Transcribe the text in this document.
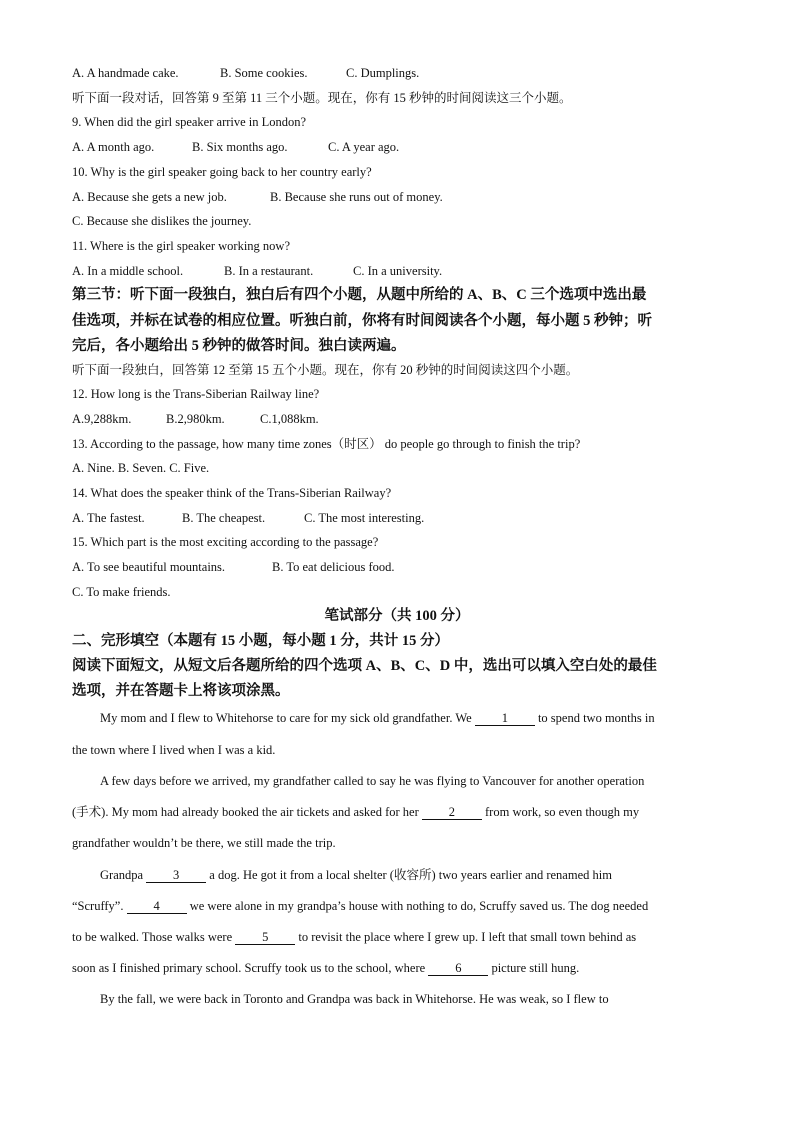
A. A handmade cake.	B. Some cookies.	C. Dumplings.
听下面一段对话，回答第 9 至第 11 三个小题。现在，你有 15 秒钟的时间阅读这三个小题。
9. When did the girl speaker arrive in London?
A. A month ago.	B. Six months ago.	C. A year ago.
10. Why is the girl speaker going back to her country early?
A. Because she gets a new job.	B. Because she runs out of money.
C. Because she dislikes the journey.
11. Where is the girl speaker working now?
A. In a middle school.	B. In a restaurant.	C. In a university.
第三节：听下面一段独白，独白后有四个小题，从题中所给的 A、B、C 三个选项中选出最
佳选项，并标在试卷的相应位置。听独白前，你将有时间阅读各个小题，每小题 5 秒钟；听
完后，各小题给出 5 秒钟的做答时间。独白读两遍。
听下面一段独白，回答第 12 至第 15 五个小题。现在，你有 20 秒钟的时间阅读这四个小题。
12. How long is the Trans-Siberian Railway line?
A.9,288km.	B.2,980km.	C.1,088km.
13. According to the passage, how many time zones（时区） do people go through to finish the trip?
A. Nine. B. Seven. C. Five.
14. What does the speaker think of the Trans-Siberian Railway?
A. The fastest.	B. The cheapest.	C. The most interesting.
15. Which part is the most exciting according to the passage?
A. To see beautiful mountains.	B. To eat delicious food.
C. To make friends.
笔试部分（共 100 分）
二、完形填空（本题有 15 小题，每小题 1 分，共计 15 分）
阅读下面短文，从短文后各题所给的四个选项 A、B、C、D 中，选出可以填入空白处的最佳
选项，并在答题卡上将该项涂黑。
My mom and I flew to Whitehorse to care for my sick old grandfather. We 1 to spend two months in
the town where I lived when I was a kid.
A few days before we arrived, my grandfather called to say he was flying to Vancouver for another operation
(手术). My mom had already booked the air tickets and asked for her 2 from work, so even though my
grandfather wouldn’t be there, we still made the trip.
Grandpa 3 a dog. He got it from a local shelter (收容所) two years earlier and renamed him
“Scruffy”. 4 we were alone in my grandpa’s house with nothing to do, Scruffy saved us. The dog needed
to be walked. Those walks were 5 to revisit the place where I grew up. I left that small town behind as
soon as I finished primary school. Scruffy took us to the school, where 6 picture still hung.
By the fall, we were back in Toronto and Grandpa was back in Whitehorse. He was weak, so I flew to
